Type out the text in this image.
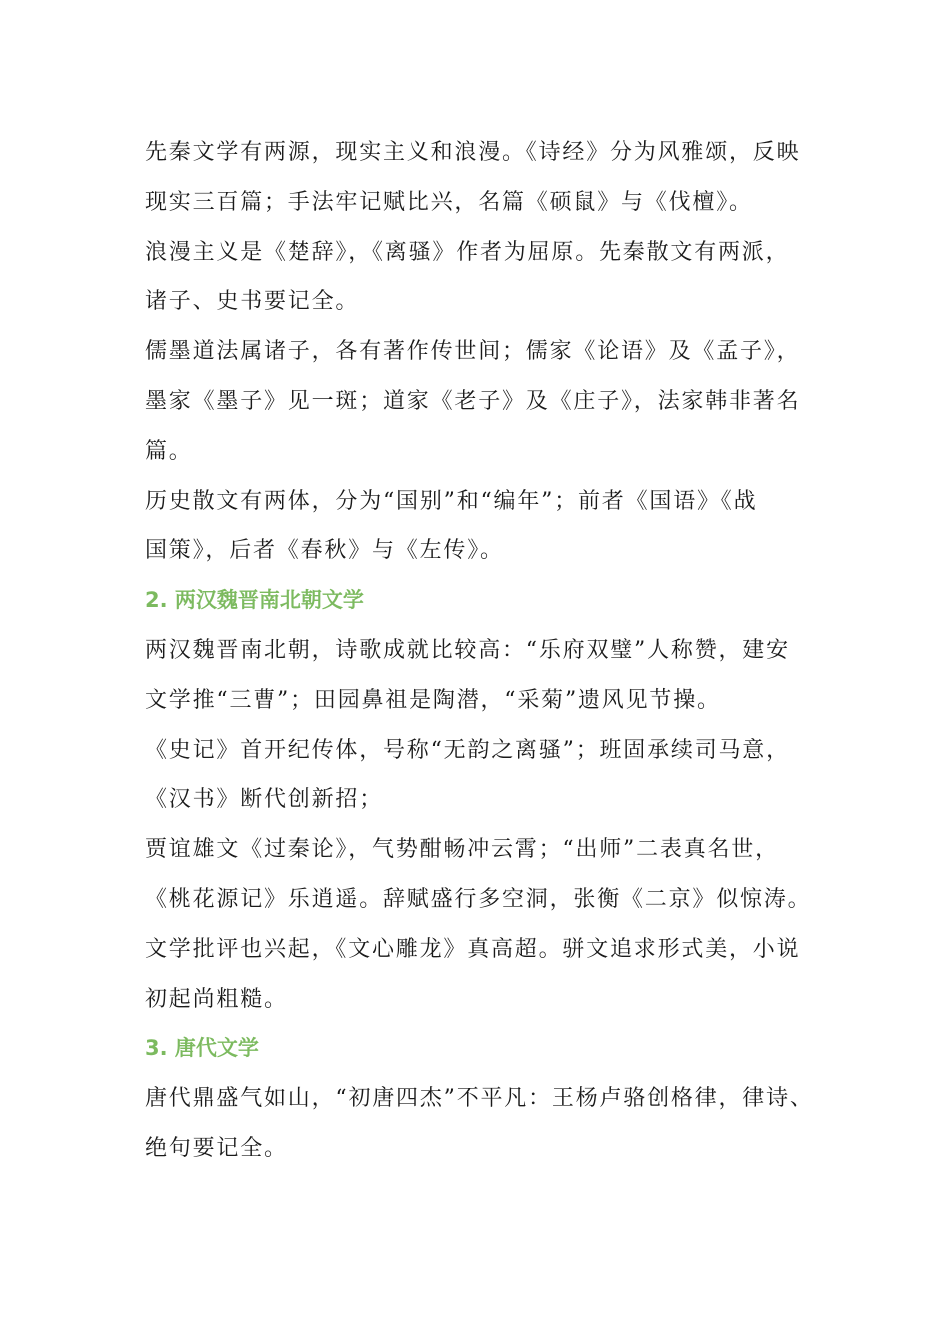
先秦文学有两源，现实主义和浪漫。《诗经》分为风雅颂，反映
现实三百篇；手法牢记赋比兴，名篇《硕鼠》与《伐檀》。
浪漫主义是《楚辞》，《离骚》作者为屈原。先秦散文有两派，
诸子、史书要记全。
儒墨道法属诸子，各有著作传世间；儒家《论语》及《孟子》，
墨家《墨子》见一斑；道家《老子》及《庄子》，法家韩非著名
篇。
历史散文有两体，分为“国别”和“编年”；前者《国语》《战
国策》，后者《春秋》与《左传》。
2. 两汉魏晋南北朝文学
两汉魏晋南北朝，诗歌成就比较高：“乐府双璧”人称赞，建安
文学推“三曹”；田园鼻祖是陶潜，“采菊”遗风见节操。
《史记》首开纪传体，号称“无韵之离骚”；班固承续司马意，
《汉书》断代创新招；
贾谊雄文《过秦论》，气势酣畅冲云霄；“出师”二表真名世，
《桃花源记》乐逍遥。辞赋盛行多空洞，张衡《二京》似惊涛。
文学批评也兴起，《文心雕龙》真高超。骈文追求形式美，小说
初起尚粗糙。
3. 唐代文学
唐代鼎盛气如山，“初唐四杰”不平凡：王杨卢骆创格律，律诗、
绝句要记全。
